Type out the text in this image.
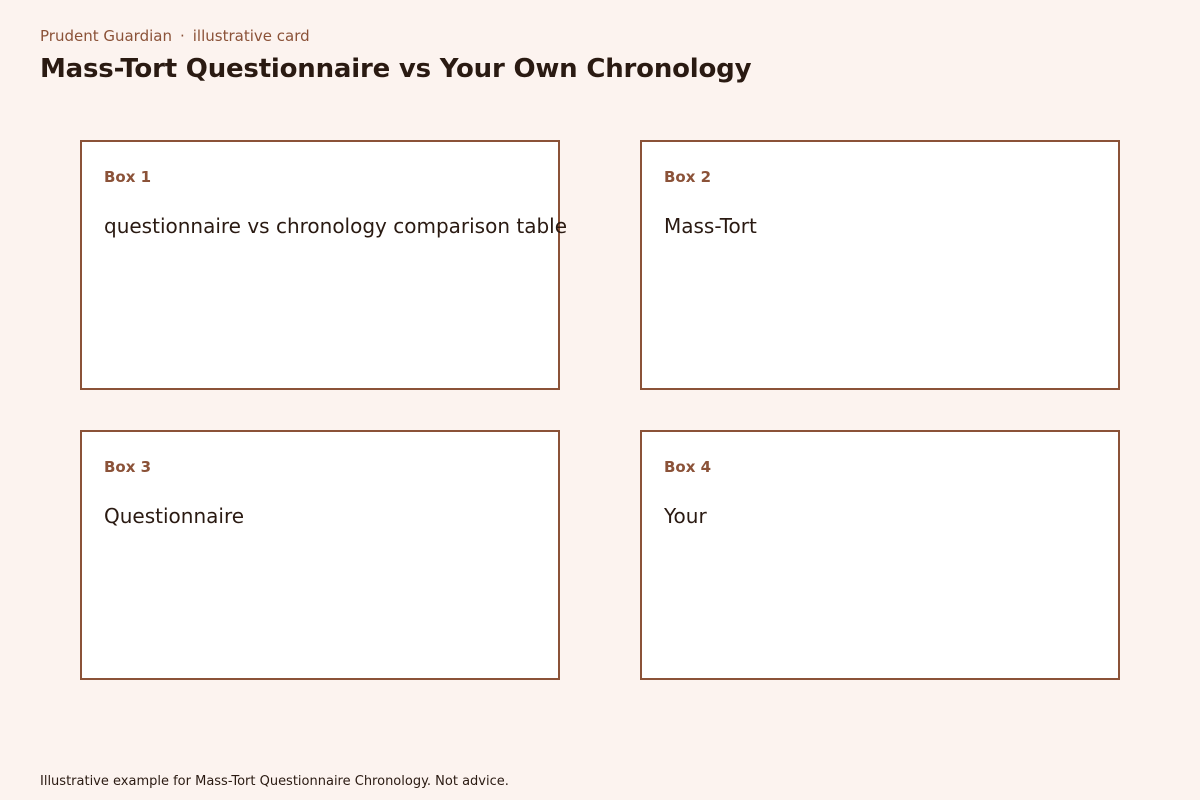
Prudent Guardian · illustrative card
Mass-Tort Questionnaire vs Your Own Chronology
Box 1
questionnaire vs chronology comparison table
Box 2
Mass-Tort
Box 3
Questionnaire
Box 4
Your
Illustrative example for Mass-Tort Questionnaire Chronology. Not advice.
